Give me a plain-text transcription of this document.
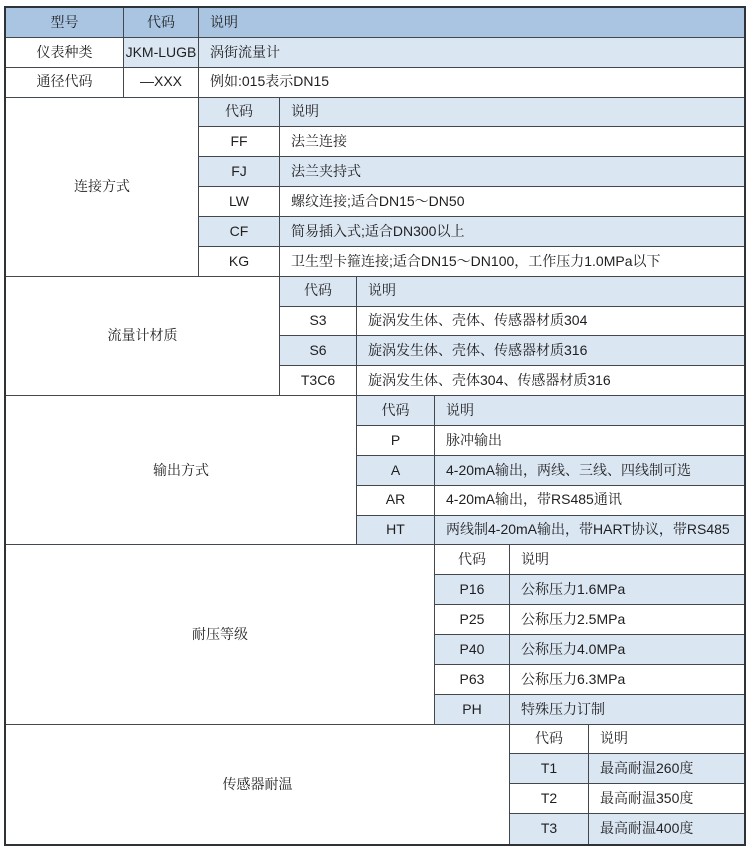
型号	代码	说明
仪表种类	JKM-LUGB 涡街流量计
通径代码	—XXX	例如:015表示DN15
连接方式
代码	说明
FF	法兰连接
FJ	法兰夹持式
LW	螺纹连接;适合DN15～DN50
CF	简易插入式;适合DN300以上
KG	卫生型卡箍连接;适合DN15～DN100，工作压力1.0MPa以下
流量计材质
代码	说明
S3	旋涡发生体、壳体、传感器材质304
S6	旋涡发生体、壳体、传感器材质316
T3C6	旋涡发生体、壳体304、传感器材质316
输出方式
代码	说明
P	脉冲输出
A	4-20mA输出，两线、三线、四线制可选
AR	4-20mA输出，带RS485通讯
HT	两线制4-20mA输出，带HART协议，带RS485
耐压等级
代码	说明
P16	公称压力1.6MPa
P25	公称压力2.5MPa
P40	公称压力4.0MPa
P63	公称压力6.3MPa
PH	特殊压力订制
传感器耐温
代码	说明
T1	最高耐温260度
T2	最高耐温350度
T3	最高耐温400度
